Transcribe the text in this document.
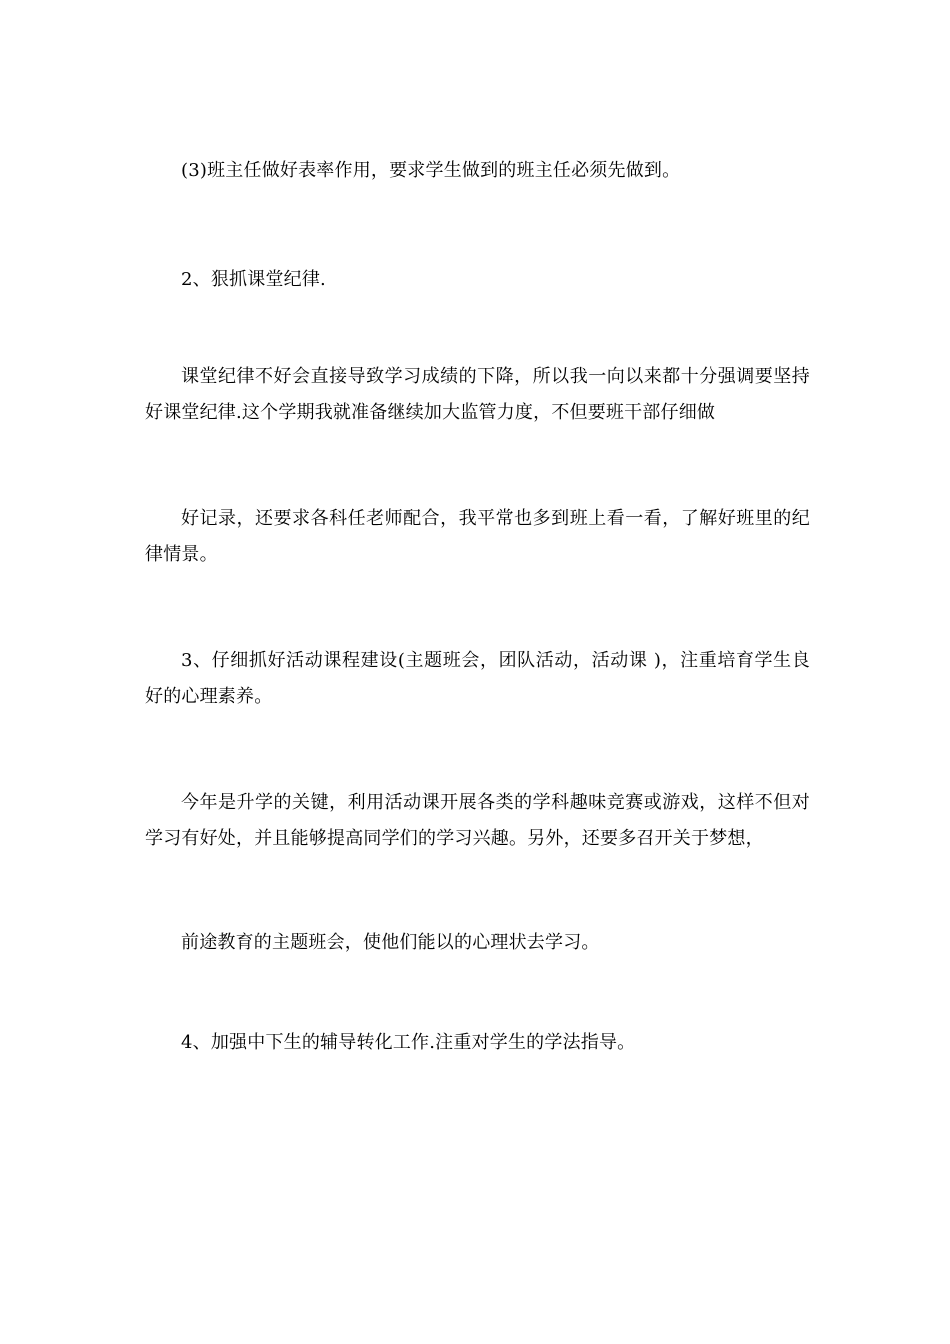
(3)班主任做好表率作用，要求学生做到的班主任必须先做到。

2、狠抓课堂纪律.

课堂纪律不好会直接导致学习成绩的下降，所以我一向以来都十分强调要坚持好课堂纪律.这个学期我就准备继续加大监管力度，不但要班干部仔细做

好记录，还要求各科任老师配合，我平常也多到班上看一看，了解好班里的纪律情景。

3、仔细抓好活动课程建设(主题班会，团队活动，活动课 )，注重培育学生良好的心理素养。

今年是升学的关键，利用活动课开展各类的学科趣味竞赛或游戏，这样不但对学习有好处，并且能够提高同学们的学习兴趣。另外，还要多召开关于梦想，

前途教育的主题班会，使他们能以的心理状去学习。

4、加强中下生的辅导转化工作.注重对学生的学法指导。
